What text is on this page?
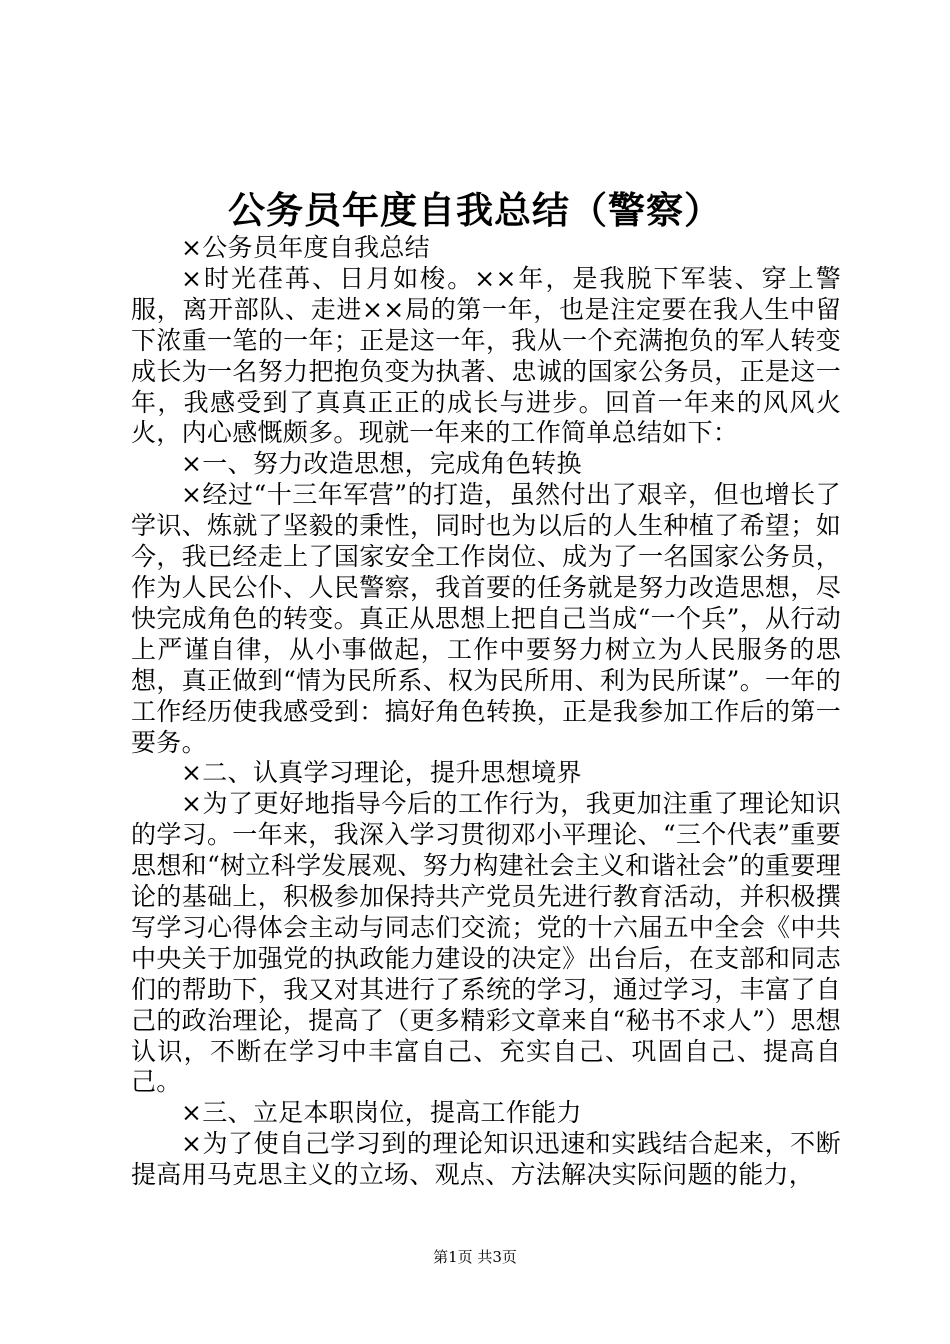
公务员年度自我总结（警察）

×公务员年度自我总结

×时光荏苒、日月如梭。××年，是我脱下军装、穿上警服，离开部队、走进××局的第一年，也是注定要在我人生中留下浓重一笔的一年；正是这一年，我从一个充满抱负的军人转变成长为一名努力把抱负变为执著、忠诚的国家公务员，正是这一年，我感受到了真真正正的成长与进步。回首一年来的风风火火，内心感慨颇多。现就一年来的工作简单总结如下：

×一、努力改造思想，完成角色转换

×经过“十三年军营”的打造，虽然付出了艰辛，但也增长了学识、炼就了坚毅的秉性，同时也为以后的人生种植了希望；如今，我已经走上了国家安全工作岗位、成为了一名国家公务员，作为人民公仆、人民警察，我首要的任务就是努力改造思想，尽快完成角色的转变。真正从思想上把自己当成“一个兵”，从行动上严谨自律，从小事做起，工作中要努力树立为人民服务的思想，真正做到“情为民所系、权为民所用、利为民所谋”。一年的工作经历使我感受到：搞好角色转换，正是我参加工作后的第一要务。

×二、认真学习理论，提升思想境界

×为了更好地指导今后的工作行为，我更加注重了理论知识的学习。一年来，我深入学习贯彻邓小平理论、“三个代表”重要思想和“树立科学发展观、努力构建社会主义和谐社会”的重要理论的基础上，积极参加保持共产党员先进行教育活动，并积极撰写学习心得体会主动与同志们交流；党的十六届五中全会《中共中央关于加强党的执政能力建设的决定》出台后，在支部和同志们的帮助下，我又对其进行了系统的学习，通过学习，丰富了自己的政治理论，提高了（更多精彩文章来自“秘书不求人”）思想认识，不断在学习中丰富自己、充实自己、巩固自己、提高自己。

×三、立足本职岗位，提高工作能力

×为了使自己学习到的理论知识迅速和实践结合起来，不断提高用马克思主义的立场、观点、方法解决实际问题的能力，

第1页 共3页
